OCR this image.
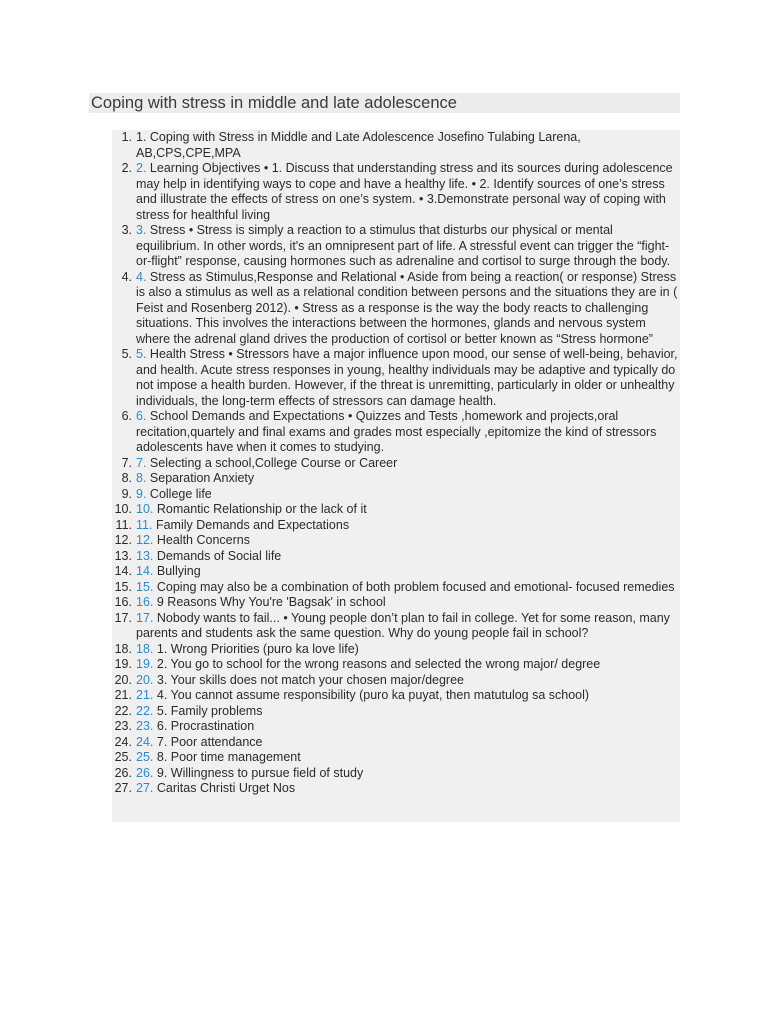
Coping with stress in middle and late adolescence
1. 1. Coping with Stress in Middle and Late Adolescence Josefino Tulabing Larena, AB,CPS,CPE,MPA
2. 2. Learning Objectives • 1. Discuss that understanding stress and its sources during adolescence may help in identifying ways to cope and have a healthy life. • 2. Identify sources of one’s stress and illustrate the effects of stress on one’s system. • 3.Demonstrate personal way of coping with stress for healthful living
3. 3. Stress • Stress is simply a reaction to a stimulus that disturbs our physical or mental equilibrium. In other words, it's an omnipresent part of life. A stressful event can trigger the “fight-or-flight” response, causing hormones such as adrenaline and cortisol to surge through the body.
4. 4. Stress as Stimulus,Response and Relational • Aside from being a reaction( or response) Stress is also a stimulus as well as a relational condition between persons and the situations they are in ( Feist and Rosenberg 2012). • Stress as a response is the way the body reacts to challenging situations. This involves the interactions between the hormones, glands and nervous system where the adrenal gland drives the production of cortisol or better known as “Stress hormone”
5. 5. Health Stress • Stressors have a major influence upon mood, our sense of well-being, behavior, and health. Acute stress responses in young, healthy individuals may be adaptive and typically do not impose a health burden. However, if the threat is unremitting, particularly in older or unhealthy individuals, the long-term effects of stressors can damage health.
6. 6. School Demands and Expectations • Quizzes and Tests ,homework and projects,oral recitation,quartely and final exams and grades most especially ,epitomize the kind of stressors adolescents have when it comes to studying.
7. 7. Selecting a school,College Course or Career
8. 8. Separation Anxiety
9. 9. College life
10. 10. Romantic Relationship or the lack of it
11. 11. Family Demands and Expectations
12. 12. Health Concerns
13. 13. Demands of Social life
14. 14. Bullying
15. 15. Coping may also be a combination of both problem focused and emotional- focused remedies
16. 16. 9 Reasons Why You're 'Bagsak' in school
17. 17. Nobody wants to fail... • Young people don’t plan to fail in college. Yet for some reason, many parents and students ask the same question. Why do young people fail in school?
18. 18. 1. Wrong Priorities (puro ka love life)
19. 19. 2. You go to school for the wrong reasons and selected the wrong major/ degree
20. 20. 3. Your skills does not match your chosen major/degree
21. 21. 4. You cannot assume responsibility (puro ka puyat, then matutulog sa school)
22. 22. 5. Family problems
23. 23. 6. Procrastination
24. 24. 7. Poor attendance
25. 25. 8. Poor time management
26. 26. 9. Willingness to pursue field of study
27. 27. Caritas Christi Urget Nos
